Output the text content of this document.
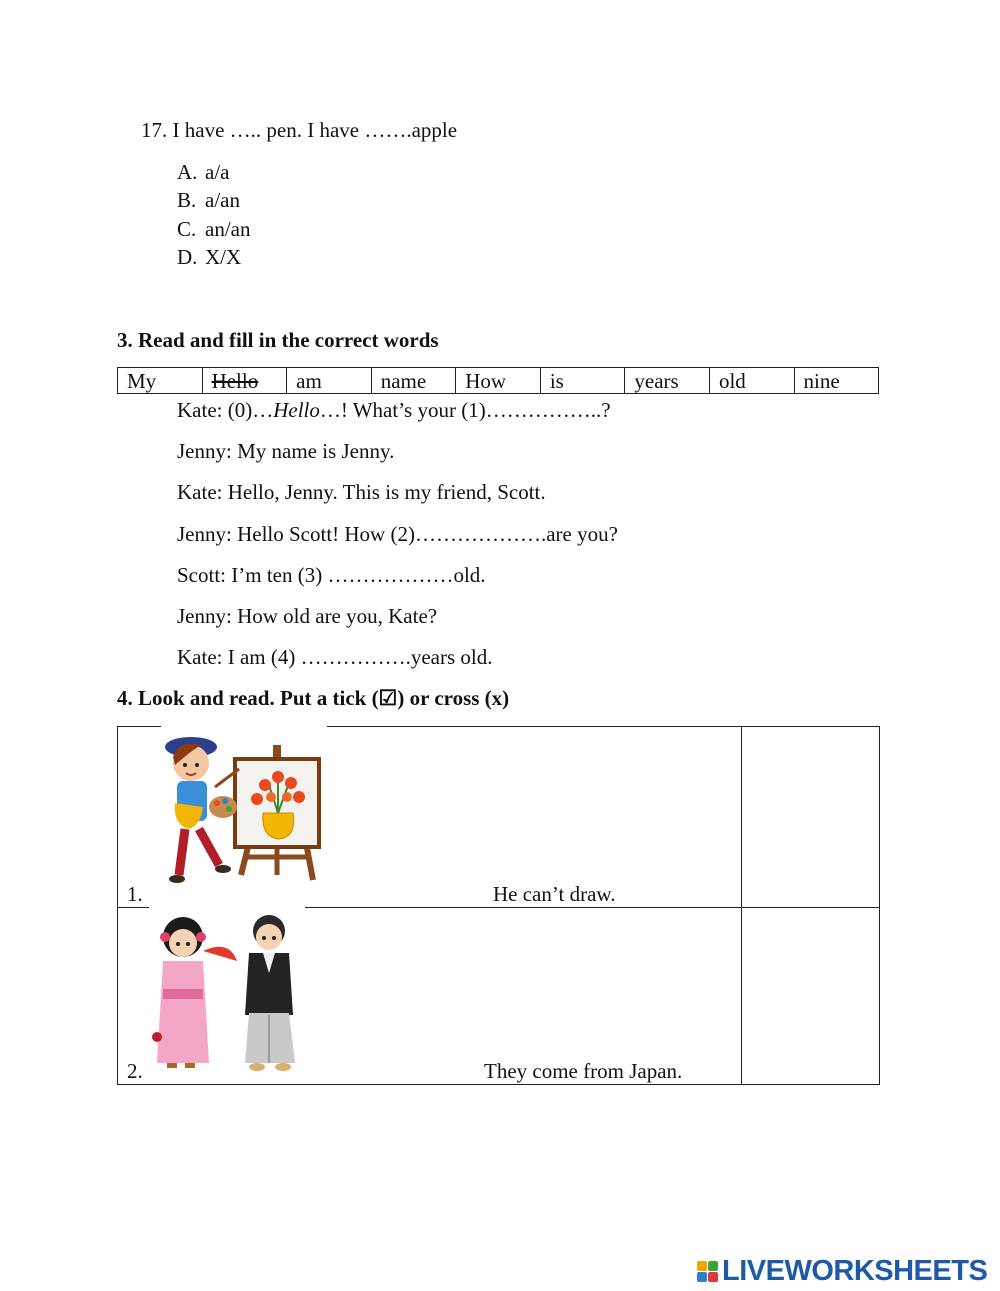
17. I have ….. pen. I have …….apple
A. a/a
B. a/an
C. an/an
D. X/X
3. Read and fill in the correct words
My	Hello	am	name	How	is	years	old	nine
Kate: (0)…Hello…! What’s your (1)……………..?
Jenny: My name is Jenny.
Kate: Hello, Jenny. This is my friend, Scott.
Jenny: Hello Scott! How (2)……………….are you?
Scott: I’m ten (3) ………………old.
Jenny: How old are you, Kate?
Kate: I am (4) …………….years old.
4. Look and read. Put a tick (☑) or cross (x)
1.	He can’t draw.
2.	They come from Japan.
LIVEWORKSHEETS
